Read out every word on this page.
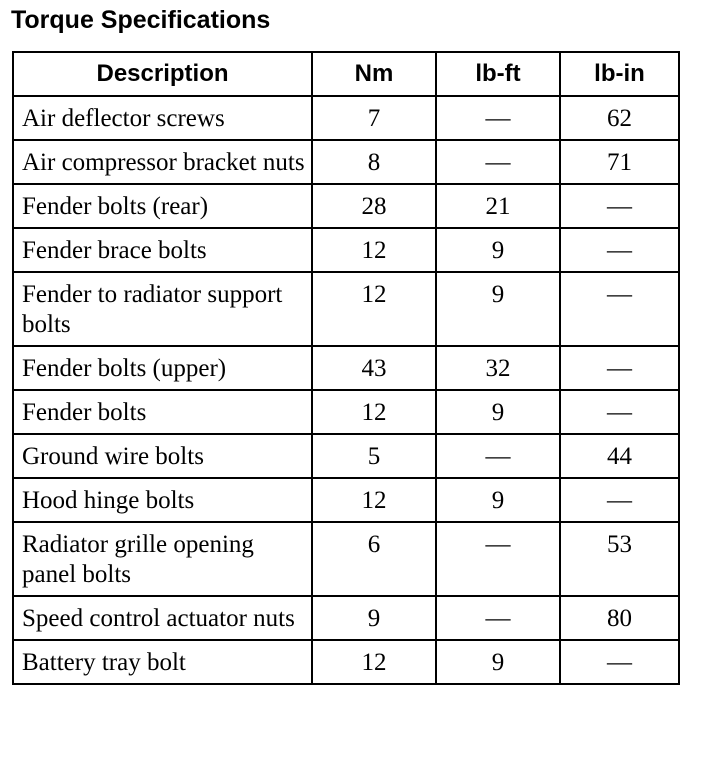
Torque Specifications
Description	Nm	lb-ft	lb-in
Air deflector screws	7	—	62
Air compressor bracket nuts	8	—	71
Fender bolts (rear)	28	21	—
Fender brace bolts	12	9	—
Fender to radiator support bolts	12	9	—
Fender bolts (upper)	43	32	—
Fender bolts	12	9	—
Ground wire bolts	5	—	44
Hood hinge bolts	12	9	—
Radiator grille opening panel bolts	6	—	53
Speed control actuator nuts	9	—	80
Battery tray bolt	12	9	—
